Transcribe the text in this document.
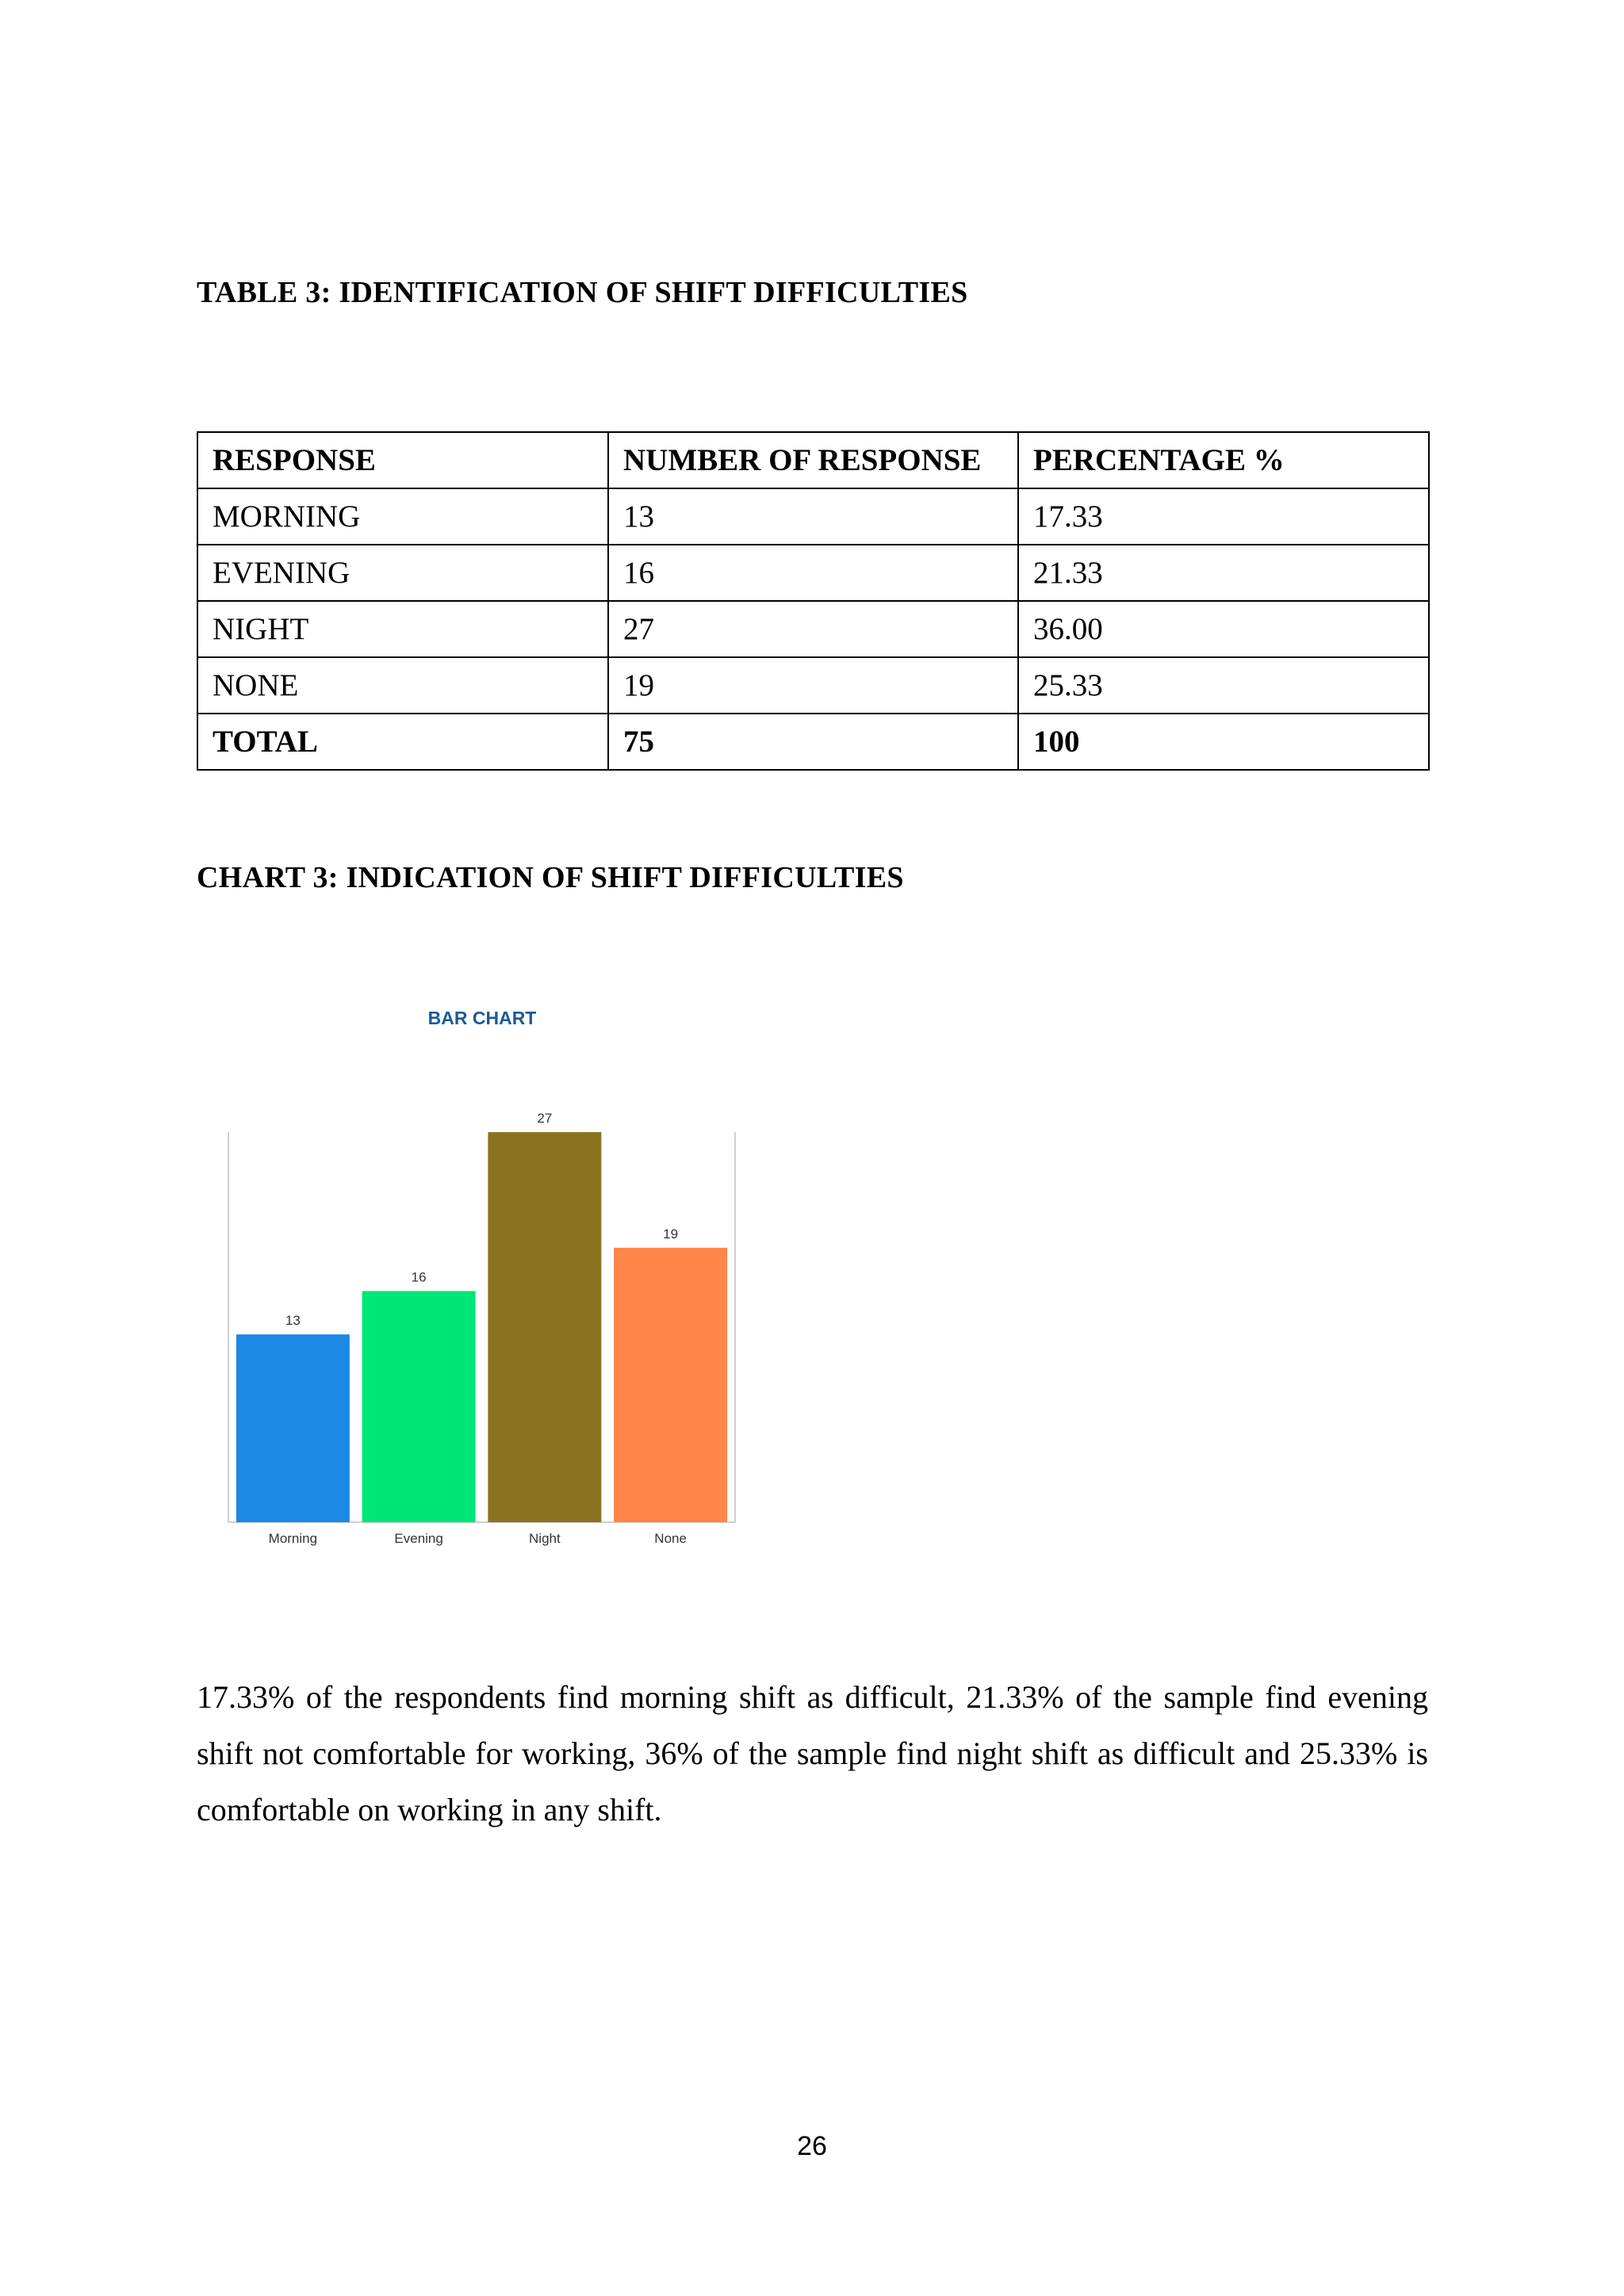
TABLE 3: IDENTIFICATION OF SHIFT DIFFICULTIES
RESPONSE	NUMBER OF RESPONSE	PERCENTAGE %
MORNING	13	17.33
EVENING	16	21.33
NIGHT	27	36.00
NONE	19	25.33
TOTAL	75	100
CHART 3: INDICATION OF SHIFT DIFFICULTIES
BAR CHART
13
16
27
19
Morning	Evening	Night	None

17.33% of the respondents find morning shift as difficult, 21.33% of the sample find evening shift not comfortable for working, 36% of the sample find night shift as difficult and 25.33% is comfortable on working in any shift.

26
